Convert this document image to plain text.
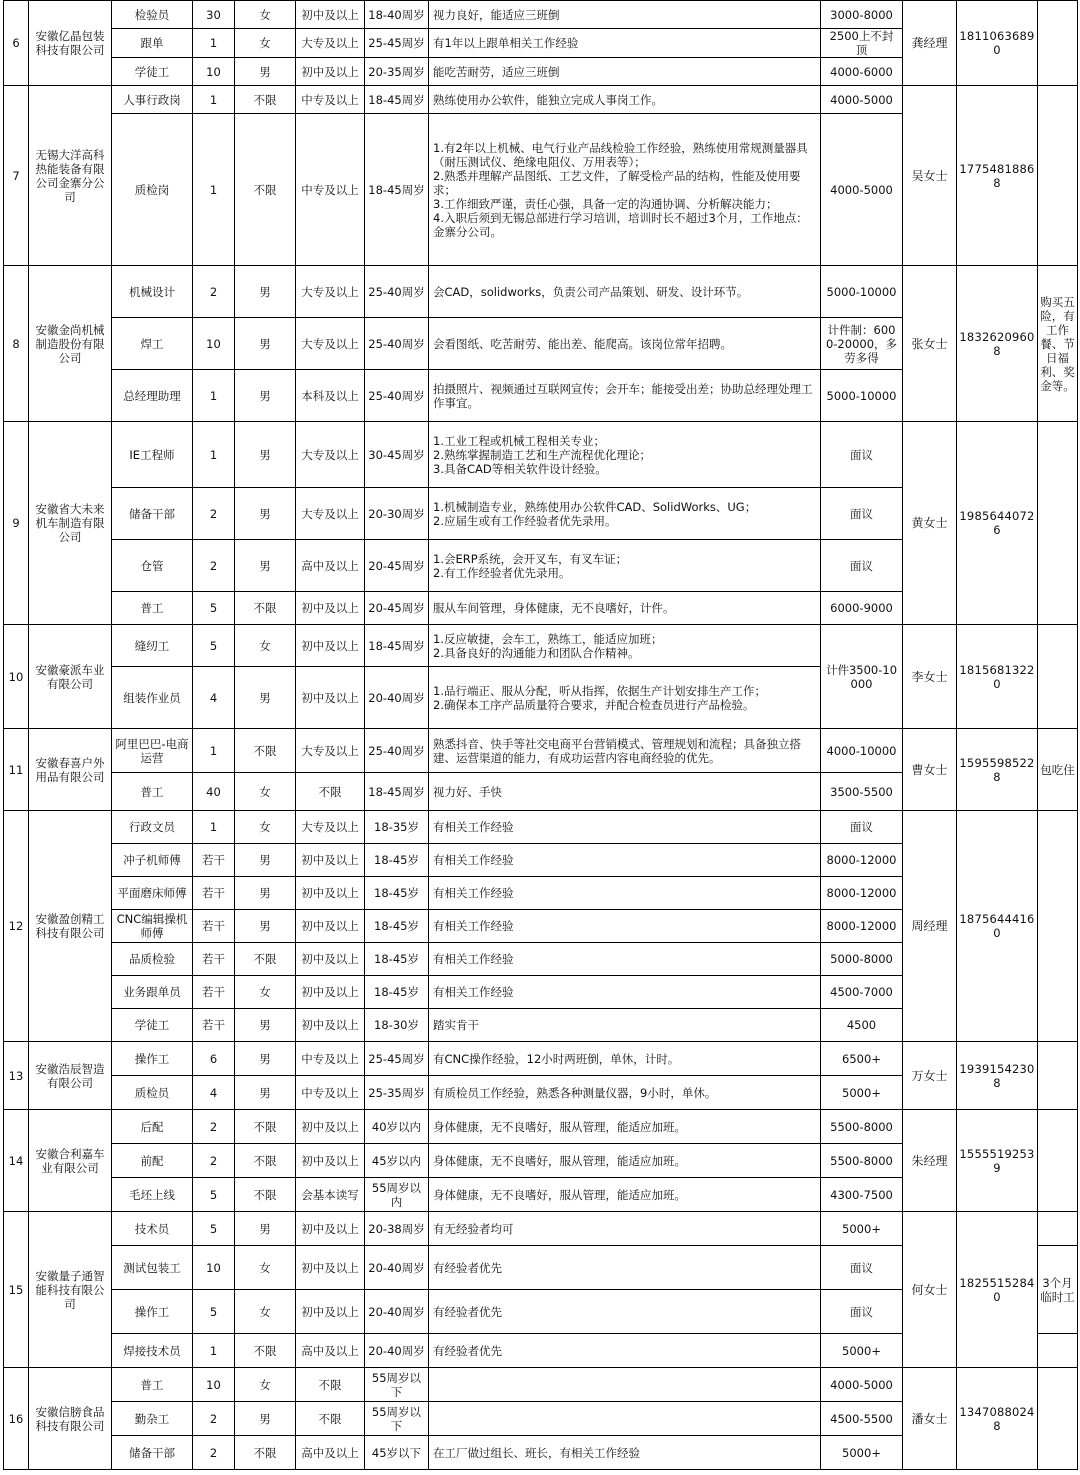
6	安徽亿晶包装科技有限公司	检验员	30	女	初中及以上	18-40周岁	视力良好，能适应三班倒	3000-8000	龚经理	18110636890	
		跟单	1	女	大专及以上	25-45周岁	有1年以上跟单相关工作经验	2500上不封顶			
		学徒工	10	男	初中及以上	20-35周岁	能吃苦耐劳，适应三班倒	4000-6000			
7	无锡大洋高科热能装备有限公司金寨分公司	人事行政岗	1	不限	中专及以上	18-45周岁	熟练使用办公软件，能独立完成人事岗工作。	4000-5000	吴女士	17754818868	
		质检岗	1	不限	中专及以上	18-45周岁	1.有2年以上机械、电气行业产品线检验工作经验，熟练使用常规测量器具（耐压测试仪、绝缘电阻仪、万用表等）；
2.熟悉并理解产品图纸、工艺文件，了解受检产品的结构，性能及使用要求；
3.工作细致严谨，责任心强，具备一定的沟通协调、分析解决能力；
4.入职后须到无锡总部进行学习培训，培训时长不超过3个月，工作地点：金寨分公司。	4000-5000			
8	安徽金尚机械制造股份有限公司	机械设计	2	男	大专及以上	25-40周岁	会CAD，solidworks，负责公司产品策划、研发、设计环节。	5000-10000	张女士	18326209608	购买五险，有工作餐、节日福利、奖金等。
		焊工	10	男	大专及以上	25-40周岁	会看图纸、吃苦耐劳、能出差、能爬高。该岗位常年招聘。	计件制：6000-20000，多劳多得			
		总经理助理	1	男	本科及以上	25-40周岁	拍摄照片、视频通过互联网宣传；会开车；能接受出差；协助总经理处理工作事宜。	5000-10000			
9	安徽省大未来机车制造有限公司	IE工程师	1	男	大专及以上	30-45周岁	1.工业工程或机械工程相关专业；
2.熟练掌握制造工艺和生产流程优化理论；
3.具备CAD等相关软件设计经验。	面议	黄女士	19856440726	
		储备干部	2	男	大专及以上	20-30周岁	1.机械制造专业，熟练使用办公软件CAD、SolidWorks、UG；
2.应届生或有工作经验者优先录用。	面议			
		仓管	2	男	高中及以上	20-45周岁	1.会ERP系统，会开叉车，有叉车证；
2.有工作经验者优先录用。	面议			
		普工	5	不限	初中及以上	20-45周岁	服从车间管理，身体健康，无不良嗜好，计件。	6000-9000			
10	安徽豪派车业有限公司	缝纫工	5	女	初中及以上	18-45周岁	1.反应敏捷，会车工，熟练工，能适应加班；
2.具备良好的沟通能力和团队合作精神。	计件3500-10000	李女士	18156813220	
		组装作业员	4	男	初中及以上	20-40周岁	1.品行端正、服从分配，听从指挥，依据生产计划安排生产工作；
2.确保本工序产品质量符合要求，并配合检查员进行产品检验。				
11	安徽春喜户外用品有限公司	阿里巴巴-电商运营	1	不限	大专及以上	25-40周岁	熟悉抖音、快手等社交电商平台营销模式、管理规划和流程；具备独立搭建、运营渠道的能力，有成功运营内容电商经验的优先。	4000-10000	曹女士	15955985228	包吃住
		普工	40	女	不限	18-45周岁	视力好、手快	3500-5500			
12	安徽盈创精工科技有限公司	行政文员	1	女	大专及以上	18-35岁	有相关工作经验	面议	周经理	18756444160	
		冲子机师傅	若干	男	初中及以上	18-45岁	有相关工作经验	8000-12000			
		平面磨床师傅	若干	男	初中及以上	18-45岁	有相关工作经验	8000-12000			
		CNC编辑操机师傅	若干	男	初中及以上	18-45岁	有相关工作经验	8000-12000			
		品质检验	若干	不限	初中及以上	18-45岁	有相关工作经验	5000-8000			
		业务跟单员	若干	女	初中及以上	18-45岁	有相关工作经验	4500-7000			
		学徒工	若干	男	初中及以上	18-30岁	踏实肯干	4500			
13	安徽浩辰智造有限公司	操作工	6	男	中专及以上	25-45周岁	有CNC操作经验，12小时两班倒，单休，计时。	6500+	万女士	19391542308	
		质检员	4	男	中专及以上	25-35周岁	有质检员工作经验，熟悉各种测量仪器，9小时，单休。	5000+			
14	安徽合利嘉车业有限公司	后配	2	不限	初中及以上	40岁以内	身体健康，无不良嗜好，服从管理，能适应加班。	5500-8000	朱经理	15555192539	
		前配	2	不限	初中及以上	45岁以内	身体健康，无不良嗜好，服从管理，能适应加班。	5500-8000			
		毛坯上线	5	不限	会基本读写	55周岁以内	身体健康，无不良嗜好，服从管理，能适应加班。	4300-7500			
15	安徽量子通智能科技有限公司	技术员	5	男	初中及以上	20-38周岁	有无经验者均可	5000+	何女士	18255152840	
		测试包装工	10	女	初中及以上	20-40周岁	有经验者优先	面议			3个月临时工
		操作工	5	女	初中及以上	20-40周岁	有经验者优先	面议			
		焊接技术员	1	不限	高中及以上	20-40周岁	有经验者优先	5000+			
16	安徽信膀食品科技有限公司	普工	10	女	不限	55周岁以下		4000-5000	潘女士	13470880248	
		勤杂工	2	男	不限	55周岁以下		4500-5500			
		储备干部	2	不限	高中及以上	45岁以下	在工厂做过组长、班长，有相关工作经验	5000+			
